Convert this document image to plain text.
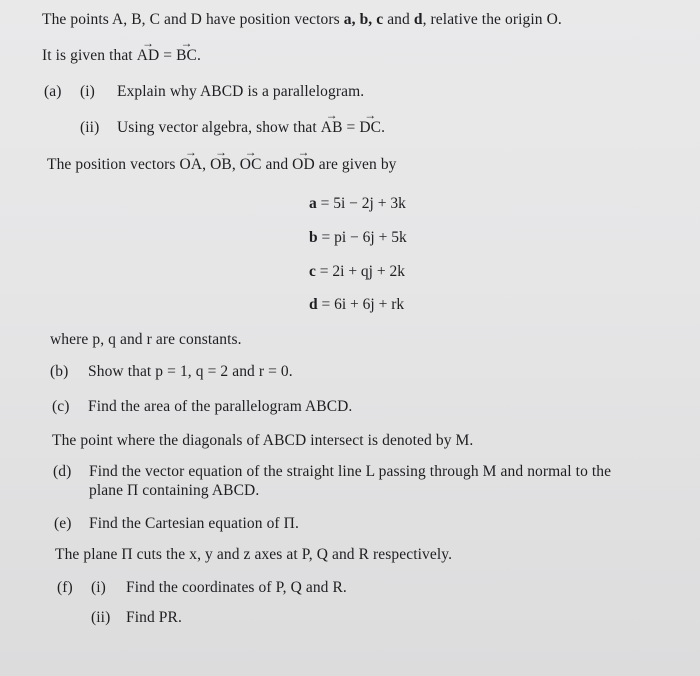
The points A, B, C and D have position vectors a, b, c and d, relative the origin O.
It is given that → AD = → BC.
(a) (i) Explain why ABCD is a parallelogram.
(ii) Using vector algebra, show that → AB = → DC.
The position vectors → OA, → OB, → OC and → OD are given by
a = 5i − 2j + 3k
b = pi − 6j + 5k
c = 2i + qj + 2k
d = 6i + 6j + rk
where p, q and r are constants.
(b) Show that p = 1, q = 2 and r = 0.
(c) Find the area of the parallelogram ABCD.
The point where the diagonals of ABCD intersect is denoted by M.
(d) Find the vector equation of the straight line L passing through M and normal to the
plane Π containing ABCD.
(e) Find the Cartesian equation of Π.
The plane Π cuts the x, y and z axes at P, Q and R respectively.
(f) (i) Find the coordinates of P, Q and R.
(ii) Find PR.
